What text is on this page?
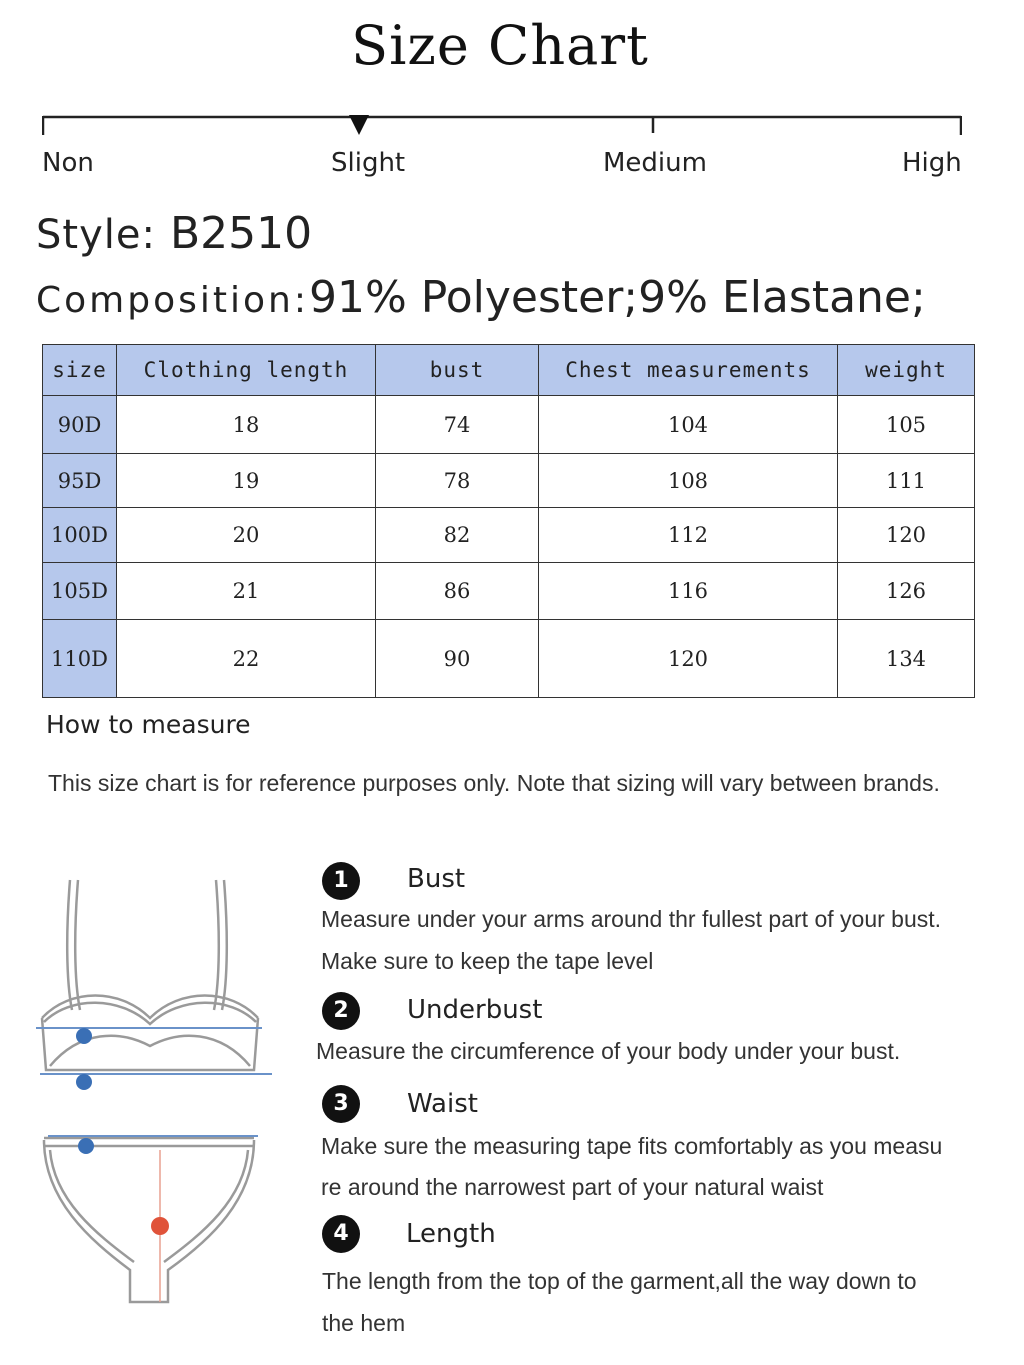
Size Chart
Non	Slight	Medium	High
Style: B2510
Composition:91% Polyester;9% Elastane;
size	Clothing length	bust	Chest measurements	weight
90D	18	74	104	105
95D	19	78	108	111
100D	20	82	112	120
105D	21	86	116	126
110D	22	90	120	134
How to measure
This size chart is for reference purposes only. Note that sizing will vary between brands.
1	Bust
Measure under your arms around thr fullest part of your bust.
Make sure to keep the tape level
2	Underbust
Measure the circumference of your body under your bust.
3	Waist
Make sure the measuring tape fits comfortably as you measu
re around the narrowest part of your natural waist
4	Length
The length from the top of the garment,all the way down to
the hem
